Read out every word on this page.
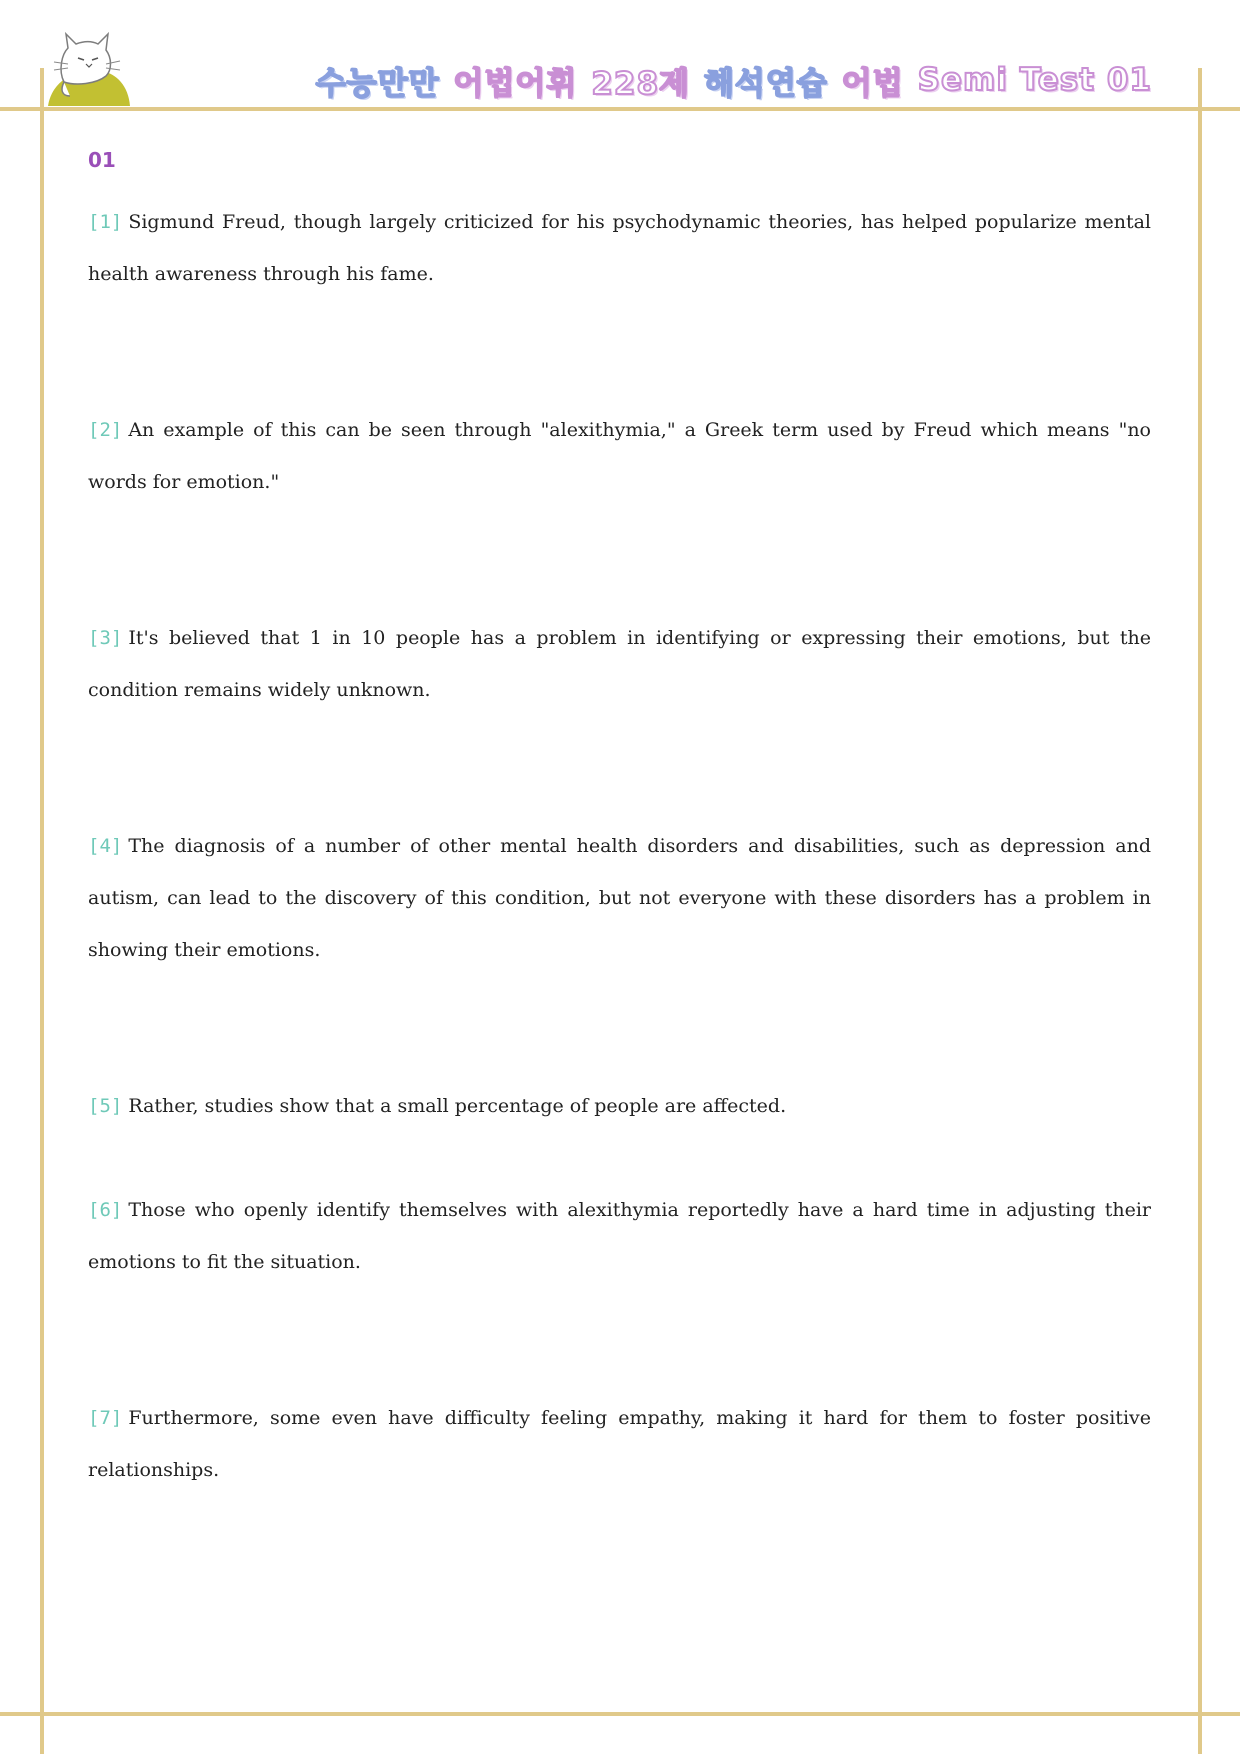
수능만만 어법어휘 228제 해석연습 어법 Semi Test 01
01

[1] Sigmund Freud, though largely criticized for his psychodynamic theories, has helped popularize mental health awareness through his fame.

[2] An example of this can be seen through "alexithymia," a Greek term used by Freud which means "no words for emotion."

[3] It's believed that 1 in 10 people has a problem in identifying or expressing their emotions, but the condition remains widely unknown.

[4] The diagnosis of a number of other mental health disorders and disabilities, such as depression and autism, can lead to the discovery of this condition, but not everyone with these disorders has a problem in showing their emotions.

[5] Rather, studies show that a small percentage of people are affected.

[6] Those who openly identify themselves with alexithymia reportedly have a hard time in adjusting their emotions to fit the situation.

[7] Furthermore, some even have difficulty feeling empathy, making it hard for them to foster positive relationships.
